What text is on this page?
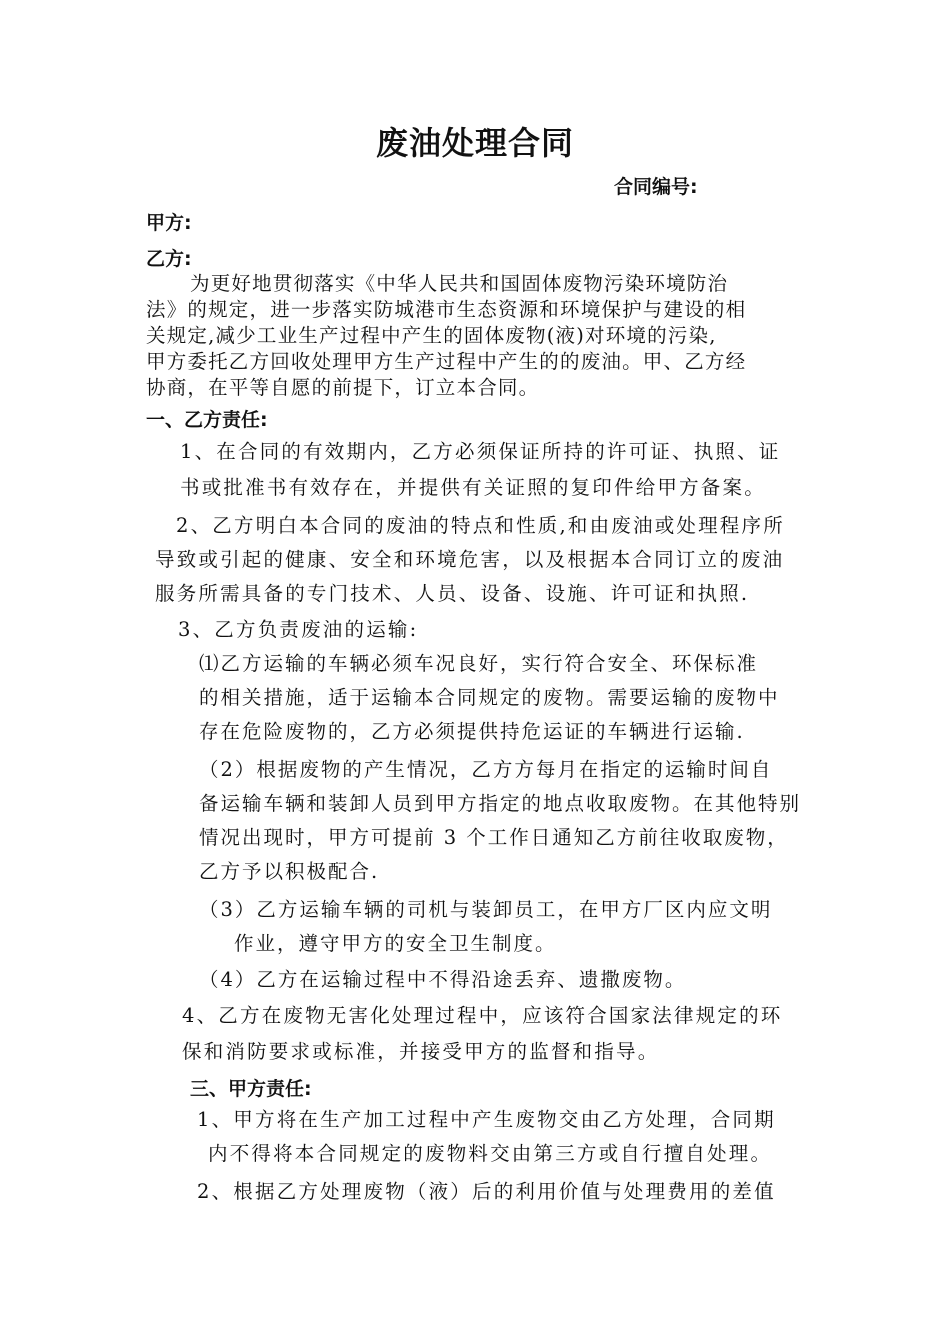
废油处理合同
合同编号:
甲方:
乙方:
为更好地贯彻落实《中华人民共和国固体废物污染环境防治
法》的规定，进一步落实防城港市生态资源和环境保护与建设的相
关规定,减少工业生产过程中产生的固体废物(液)对环境的污染,
甲方委托乙方回收处理甲方生产过程中产生的的废油。甲、乙方经
协商，在平等自愿的前提下，订立本合同。
一、乙方责任:
1、在合同的有效期内，乙方必须保证所持的许可证、执照、证
书或批准书有效存在，并提供有关证照的复印件给甲方备案。
2、乙方明白本合同的废油的特点和性质,和由废油或处理程序所
导致或引起的健康、安全和环境危害，以及根据本合同订立的废油
服务所需具备的专门技术、人员、设备、设施、许可证和执照.
3、乙方负责废油的运输:
⑴乙方运输的车辆必须车况良好，实行符合安全、环保标准
的相关措施，适于运输本合同规定的废物。需要运输的废物中
存在危险废物的，乙方必须提供持危运证的车辆进行运输.
（2）根据废物的产生情况，乙方方每月在指定的运输时间自
备运输车辆和装卸人员到甲方指定的地点收取废物。在其他特别
情况出现时，甲方可提前 3 个工作日通知乙方前往收取废物，
乙方予以积极配合.
（3）乙方运输车辆的司机与装卸员工，在甲方厂区内应文明
作业，遵守甲方的安全卫生制度。
（4）乙方在运输过程中不得沿途丢弃、遗撒废物。
4、乙方在废物无害化处理过程中，应该符合国家法律规定的环
保和消防要求或标准，并接受甲方的监督和指导。
三、甲方责任:
1、甲方将在生产加工过程中产生废物交由乙方处理，合同期
内不得将本合同规定的废物料交由第三方或自行擅自处理。
2、根据乙方处理废物（液）后的利用价值与处理费用的差值
